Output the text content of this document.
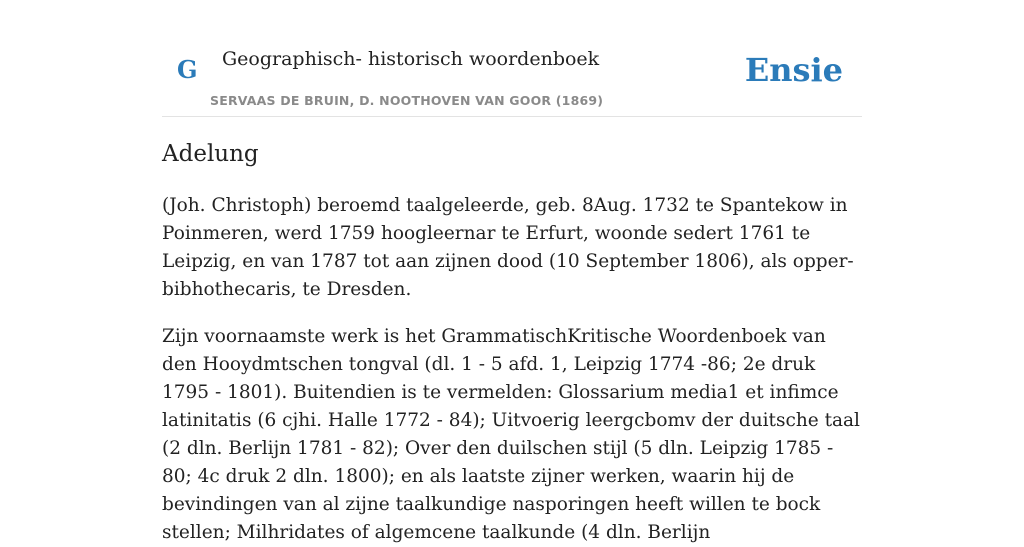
G Geographisch- historisch woordenboek
SERVAAS DE BRUIN, D. NOOTHOVEN VAN GOOR (1869)
Ensie
Adelung

(Joh. Christoph) beroemd taalgeleerde, geb. 8Aug. 1732 te Spantekow in Poinmeren, werd 1759 hoogleernar te Erfurt, woonde sedert 1761 te Leipzig, en van 1787 tot aan zijnen dood (10 September 1806), als opper-bibhothecaris, te Dresden.

Zijn voornaamste werk is het GrammatischKritische Woordenboek van den Hooydmtschen tongval (dl. 1 - 5 afd. 1, Leipzig 1774 -86; 2e druk 1795 - 1801). Buitendien is te vermelden: Glossarium media1 et infimce latinitatis (6 cjhi. Halle 1772 - 84); Uitvoerig leergcbomv der duitsche taal (2 dln. Berlijn 1781 - 82); Over den duilschen stijl (5 dln. Leipzig 1785 - 80; 4c druk 2 dln. 1800); en als laatste zijner werken, waarin hij de bevindingen van al zijne taalkundige nasporingen heeft willen te bock stellen; Milhridates of algemcene taalkunde (4 dln. Berlijn
